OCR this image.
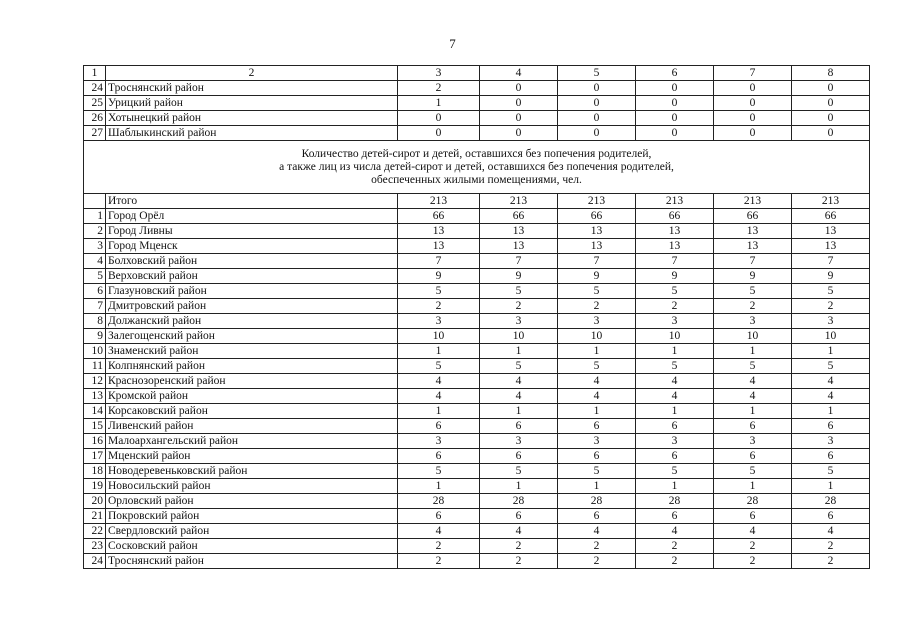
7
1	2	3	4	5	6	7	8
24	Троснянский район	2	0	0	0	0	0
25	Урицкий район	1	0	0	0	0	0
26	Хотынецкий район	0	0	0	0	0	0
27	Шаблыкинский район	0	0	0	0	0	0

Количество детей-сирот и детей, оставшихся без попечения родителей,
а также лиц из числа детей-сирот и детей, оставшихся без попечения родителей,
обеспеченных жилыми помещениями, чел.							

	Итого	213	213	213	213	213	213
1	Город Орёл	66	66	66	66	66	66
2	Город Ливны	13	13	13	13	13	13
3	Город Мценск	13	13	13	13	13	13
4	Болховский район	7	7	7	7	7	7
5	Верховский район	9	9	9	9	9	9
6	Глазуновский район	5	5	5	5	5	5
7	Дмитровский район	2	2	2	2	2	2
8	Должанский район	3	3	3	3	3	3
9	Залегощенский район	10	10	10	10	10	10
10	Знаменский район	1	1	1	1	1	1
11	Колпнянский район	5	5	5	5	5	5
12	Краснозоренский район	4	4	4	4	4	4
13	Кромской район	4	4	4	4	4	4
14	Корсаковский район	1	1	1	1	1	1
15	Ливенский район	6	6	6	6	6	6
16	Малоархангельский район	3	3	3	3	3	3
17	Мценский район	6	6	6	6	6	6
18	Новодеревеньковский район	5	5	5	5	5	5
19	Новосильский район	1	1	1	1	1	1
20	Орловский район	28	28	28	28	28	28
21	Покровский район	6	6	6	6	6	6
22	Свердловский район	4	4	4	4	4	4
23	Сосковский район	2	2	2	2	2	2
24	Троснянский район	2	2	2	2	2	2
